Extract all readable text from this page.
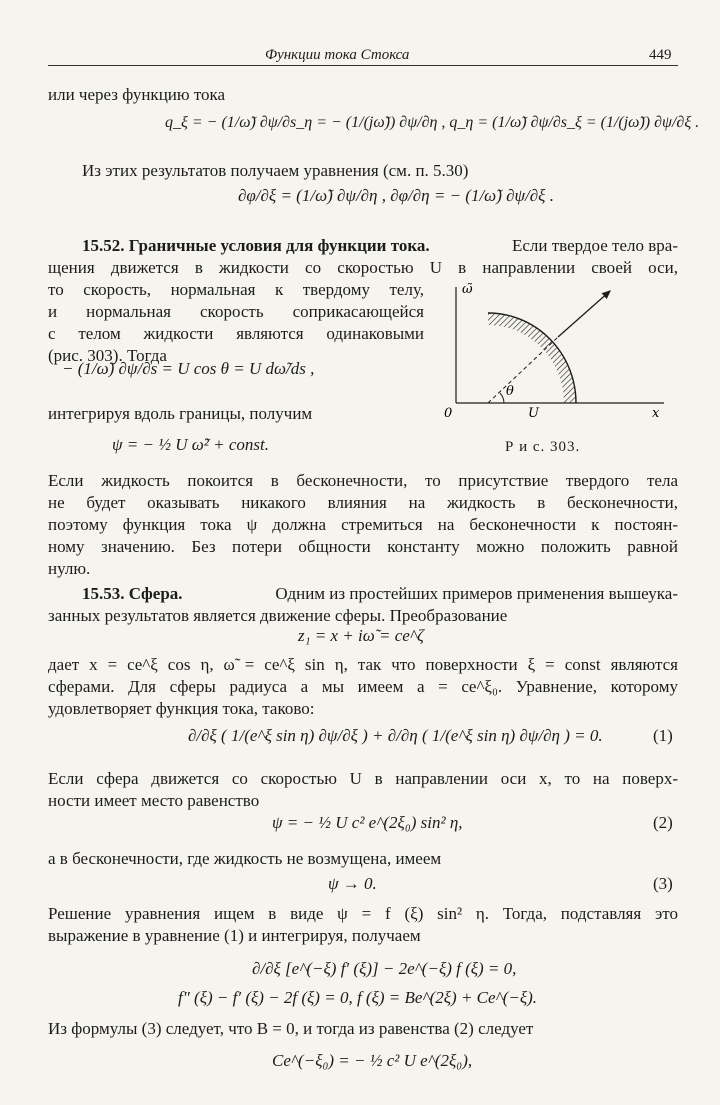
Функции тока Стокса	449
или через функцию тока
q_ξ = − (1/ω̃) ∂ψ/∂s_η = − (1/(jω̃)) ∂ψ/∂η , q_η = (1/ω̃) ∂ψ/∂s_ξ = (1/(jω̃)) ∂ψ/∂ξ .
Из этих результатов получаем уравнения (см. п. 5.30)
∂φ/∂ξ = (1/ω̃) ∂ψ/∂η , ∂φ/∂η = − (1/ω̃) ∂ψ/∂ξ .
15.52. Граничные условия для функции тока.	Если твердое тело вра-
щения движется в жидкости со скоростью U в направлении своей оси,
то скорость, нормальная к твердому телу,
и нормальная скорость соприкасающейся
с телом жидкости являются одинаковыми
(рис. 303). Тогда
− (1/ω̃) ∂ψ/∂s = U cos θ = U dω̃/ds ,
интегрируя вдоль границы, получим
ψ = − ½ U ω̃² + const.
ω̃
x
0	U
θ
Р и с. 303.
Если жидкость покоится в бесконечности, то присутствие твердого тела
не будет оказывать никакого влияния на жидкость в бесконечности,
поэтому функция тока ψ должна стремиться на бесконечности к постоян-
ному значению. Без потери общности константу можно положить равной
нулю.
15.53. Сфера.	Одним из простейших примеров применения вышеука-
занных результатов является движение сферы. Преобразование
z₁ = x + iω̃ = ce^ζ
дает x = ce^ξ cos η, ω̃ = ce^ξ sin η, так что поверхности ξ = const являются
сферами. Для сферы радиуса a мы имеем a = ce^ξ₀. Уравнение, которому
удовлетворяет функция тока, таково:
∂/∂ξ ( 1/(e^ξ sin η) ∂ψ/∂ξ ) + ∂/∂η ( 1/(e^ξ sin η) ∂ψ/∂η ) = 0.	(1)
Если сфера движется со скоростью U в направлении оси x, то на поверх-
ности имеет место равенство
ψ = − ½ U c² e^(2ξ₀) sin² η,	(2)
а в бесконечности, где жидкость не возмущена, имеем
ψ → 0.	(3)
Решение уравнения ищем в виде ψ = f (ξ) sin² η. Тогда, подставляя это
выражение в уравнение (1) и интегрируя, получаем
∂/∂ξ [e^(−ξ) f′ (ξ)] − 2e^(−ξ) f (ξ) = 0,
f″ (ξ) − f′ (ξ) − 2f (ξ) = 0, f (ξ) = Be^(2ξ) + Ce^(−ξ).
Из формулы (3) следует, что B = 0, и тогда из равенства (2) следует
Ce^(−ξ₀) = − ½ c² U e^(2ξ₀),
